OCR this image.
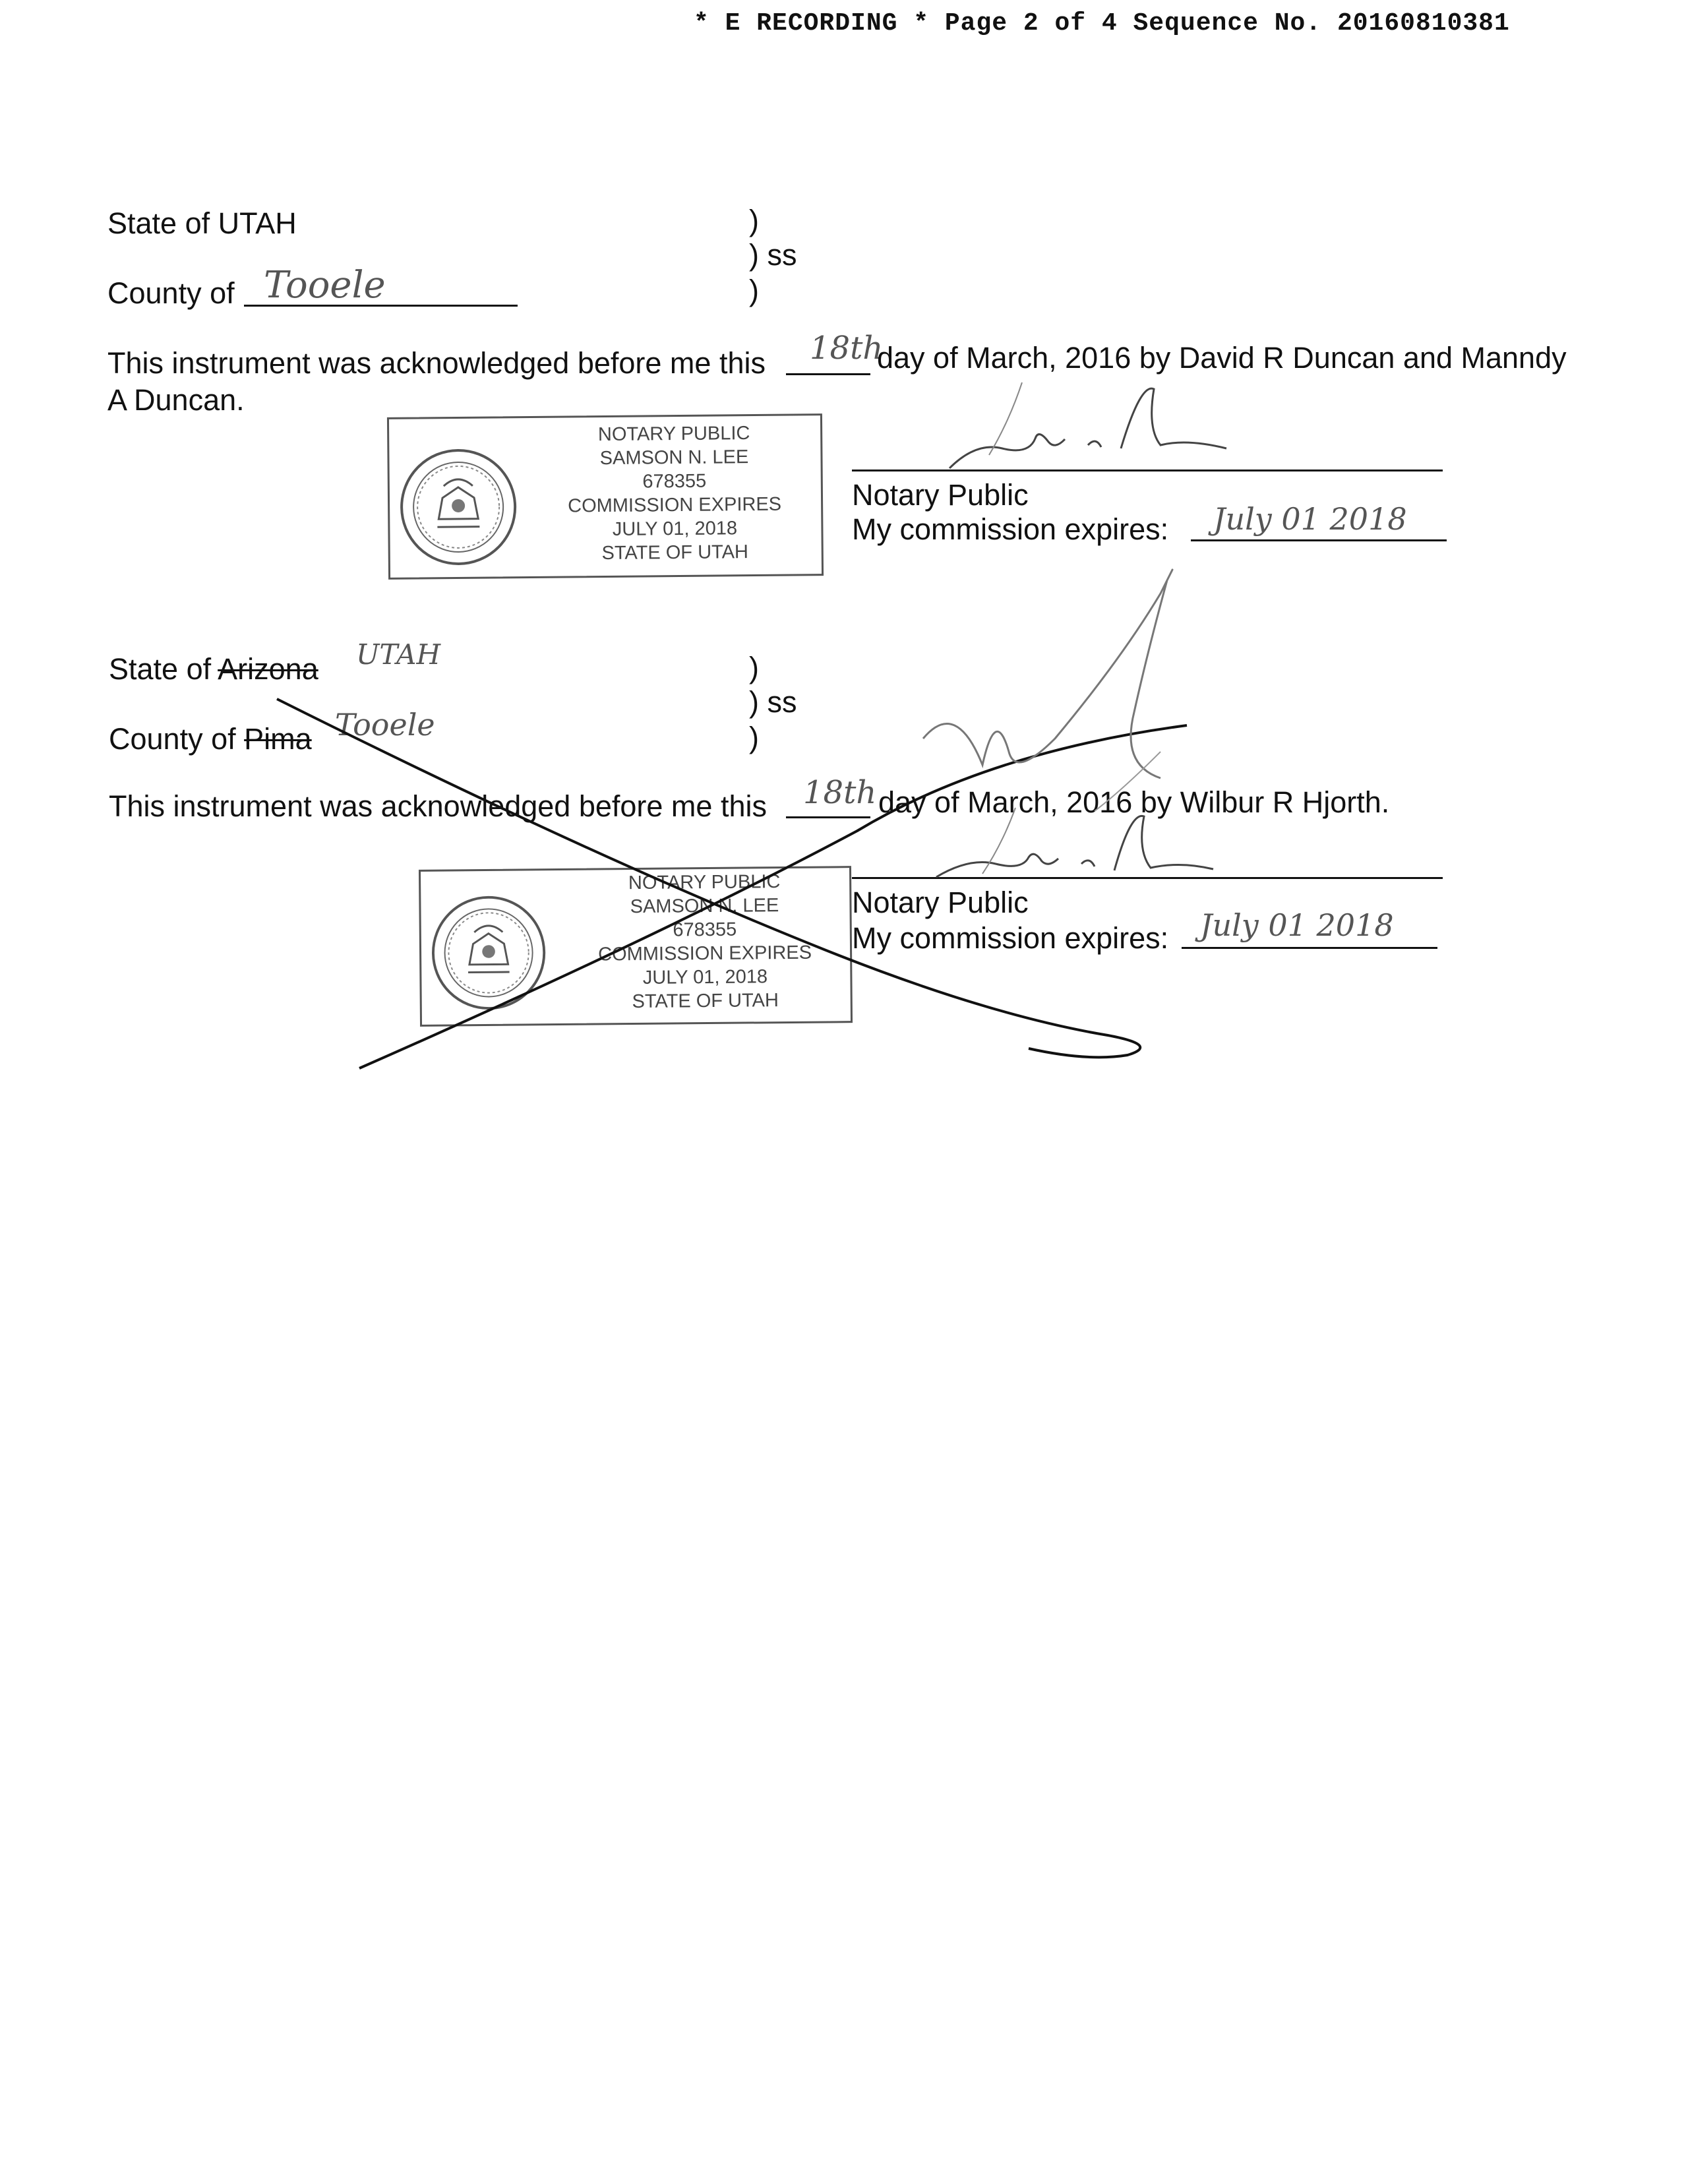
* E RECORDING * Page 2 of 4 Sequence No. 20160810381
State of UTAH
County of Tooele
)
) ss
)
This instrument was acknowledged before me this 18th
day of March, 2016 by David R Duncan and Manndy
A Duncan.
NOTARY PUBLIC
SAMSON N. LEE
678355
COMMISSION EXPIRES
JULY 01, 2018
STATE OF UTAH
Notary Public
My commission expires: July 01 2018
State of Arizona UTAH
County of Pima Tooele
)
) ss
)
This instrument was acknowledged before me this 18th day of March, 2016 by Wilbur R Hjorth.
NOTARY PUBLIC
SAMSON N. LEE
678355
COMMISSION EXPIRES
JULY 01, 2018
STATE OF UTAH
Notary Public
My commission expires: July 01 2018
